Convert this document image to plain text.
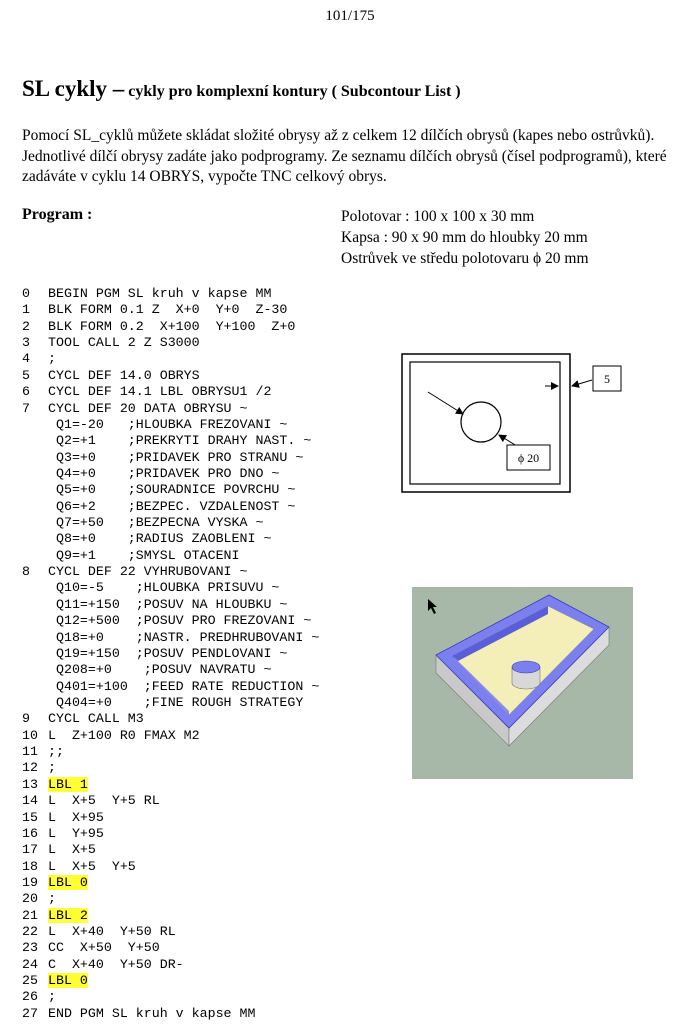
101/175
SL cykly – cykly pro komplexní kontury ( Subcontour List )
Pomocí SL_cyklů můžete skládat složité obrysy až z celkem 12 dílčích obrysů (kapes nebo ostrůvků). Jednotlivé dílčí obrysy zadáte jako podprogramy. Ze seznamu dílčích obrysů (čísel podprogramů), které zadáváte v cyklu 14 OBRYS, vypočte TNC celkový obrys.
Program :	Polotovar : 100 x 100 x 30 mm
Kapsa : 90 x 90 mm do hloubky 20 mm
Ostrůvek ve středu polotovaru ϕ 20 mm
0 BEGIN PGM SL kruh v kapse MM
1 BLK FORM 0.1 Z  X+0  Y+0  Z-30
2 BLK FORM 0.2  X+100  Y+100  Z+0
3 TOOL CALL 2 Z S3000
4 ;
5 CYCL DEF 14.0 OBRYS
6 CYCL DEF 14.1 LBL OBRYSU1 /2
7 CYCL DEF 20 DATA OBRYSU ~
Q1=-20   ;HLOUBKA FREZOVANI ~
Q2=+1    ;PREKRYTI DRAHY NAST. ~
Q3=+0    ;PRIDAVEK PRO STRANU ~
Q4=+0    ;PRIDAVEK PRO DNO ~
Q5=+0    ;SOURADNICE POVRCHU ~
Q6=+2    ;BEZPEC. VZDALENOST ~
Q7=+50   ;BEZPECNA VYSKA ~
Q8=+0    ;RADIUS ZAOBLENI ~
Q9=+1    ;SMYSL OTACENI
8 CYCL DEF 22 VYHRUBOVANI ~
Q10=-5    ;HLOUBKA PRISUVU ~
Q11=+150  ;POSUV NA HLOUBKU ~
Q12=+500  ;POSUV PRO FREZOVANI ~
Q18=+0    ;NASTR. PREDHRUBOVANI ~
Q19=+150  ;POSUV PENDLOVANI ~
Q208=+0    ;POSUV NAVRATU ~
Q401=+100  ;FEED RATE REDUCTION ~
Q404=+0    ;FINE ROUGH STRATEGY
9 CYCL CALL M3
10 L  Z+100 R0 FMAX M2
11 ;;
12 ;
13 LBL 1
14 L  X+5  Y+5 RL
15 L  X+95
16 L  Y+95
17 L  X+5
18 L  X+5  Y+5
19 LBL 0
20 ;
21 LBL 2
22 L  X+40  Y+50 RL
23 CC  X+50  Y+50
24 C  X+40  Y+50 DR-
25 LBL 0
26 ;
27 END PGM SL kruh v kapse MM
5
ϕ 20
